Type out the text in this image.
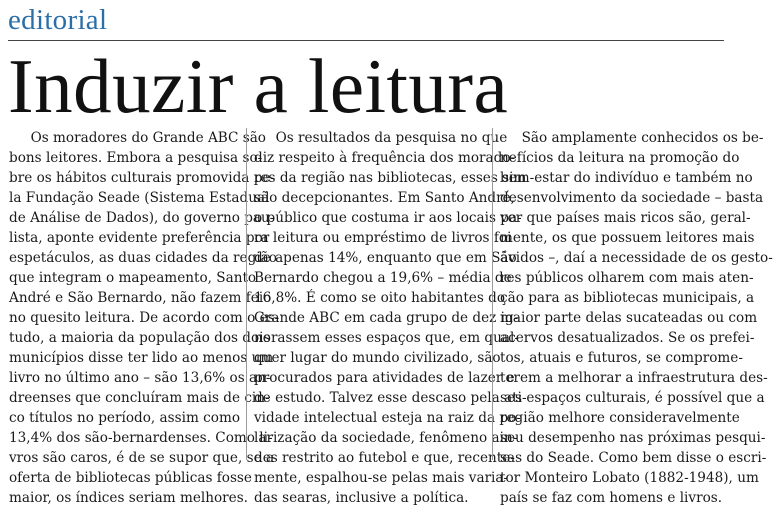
editorial
Induzir a leitura
Os moradores do Grande ABC são
bons leitores. Embora a pesquisa so-
bre os hábitos culturais promovida pe-
la Fundação Seade (Sistema Estadual
de Análise de Dados), do governo pau-
lista, aponte evidente preferência por
espetáculos, as duas cidades da região
que integram o mapeamento, Santo
André e São Bernardo, não fazem feio
no quesito leitura. De acordo com o es-
tudo, a maioria da população dos dois
municípios disse ter lido ao menos um
livro no último ano – são 13,6% os an-
dreenses que concluíram mais de cin-
co títulos no período, assim como
13,4% dos são-bernardenses. Como li-
vros são caros, é de se supor que, se a
oferta de bibliotecas públicas fosse
maior, os índices seriam melhores.
Os resultados da pesquisa no que
diz respeito à frequência dos morado-
res da região nas bibliotecas, esses sim
são decepcionantes. Em Santo André,
o público que costuma ir aos locais pa-
ra leitura ou empréstimo de livros foi
de apenas 14%, enquanto que em São
Bernardo chegou a 19,6% – média de
16,8%. É como se oito habitantes do
Grande ABC em cada grupo de dez ig-
norassem esses espaços que, em qual-
quer lugar do mundo civilizado, são
procurados para atividades de lazer e
de estudo. Talvez esse descaso pela ati-
vidade intelectual esteja na raiz da po-
larização da sociedade, fenômeno ain-
des restrito ao futebol e que, recente-
mente, espalhou-se pelas mais varia-
das searas, inclusive a política.
São amplamente conhecidos os be-
nefícios da leitura na promoção do
bem-estar do indivíduo e também no
desenvolvimento da sociedade – basta
ver que países mais ricos são, geral-
mente, os que possuem leitores mais
ávidos –, daí a necessidade de os gesto-
res públicos olharem com mais aten-
ção para as bibliotecas municipais, a
maior parte delas sucateadas ou com
acervos desatualizados. Se os prefei-
tos, atuais e futuros, se comprome-
terem a melhorar a infraestrutura des-
ses espaços culturais, é possível que a
região melhore consideravelmente
seu desempenho nas próximas pesqui-
sas do Seade. Como bem disse o escri-
tor Monteiro Lobato (1882-1948), um
país se faz com homens e livros.
